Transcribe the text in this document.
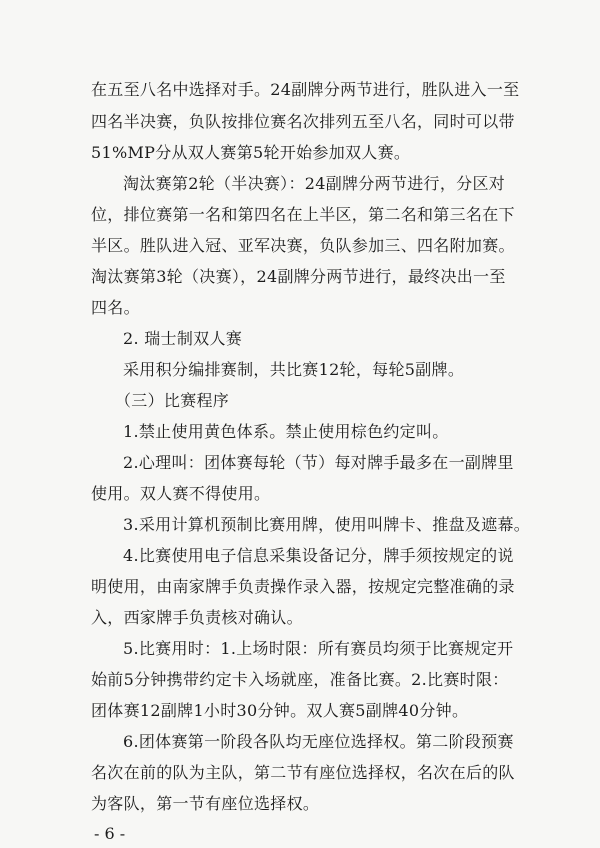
在五至八名中选择对手。24副牌分两节进行，胜队进入一至
四名半决赛，负队按排位赛名次排列五至八名，同时可以带
51%MP分从双人赛第5轮开始参加双人赛。
淘汰赛第2轮（半决赛）：24副牌分两节进行，分区对
位，排位赛第一名和第四名在上半区，第二名和第三名在下
半区。胜队进入冠、亚军决赛，负队参加三、四名附加赛。
淘汰赛第3轮（决赛），24副牌分两节进行，最终决出一至
四名。
2. 瑞士制双人赛
采用积分编排赛制，共比赛12轮，每轮5副牌。
（三）比赛程序
1.禁止使用黄色体系。禁止使用棕色约定叫。
2.心理叫：团体赛每轮（节）每对牌手最多在一副牌里
使用。双人赛不得使用。
3.采用计算机预制比赛用牌，使用叫牌卡、推盘及遮幕。
4.比赛使用电子信息采集设备记分，牌手须按规定的说
明使用，由南家牌手负责操作录入器，按规定完整准确的录
入，西家牌手负责核对确认。
5.比赛用时：1.上场时限：所有赛员均须于比赛规定开
始前5分钟携带约定卡入场就座，准备比赛。2.比赛时限：
团体赛12副牌1小时30分钟。双人赛5副牌40分钟。
6.团体赛第一阶段各队均无座位选择权。第二阶段预赛
名次在前的队为主队，第二节有座位选择权，名次在后的队
为客队，第一节有座位选择权。
- 6 -
